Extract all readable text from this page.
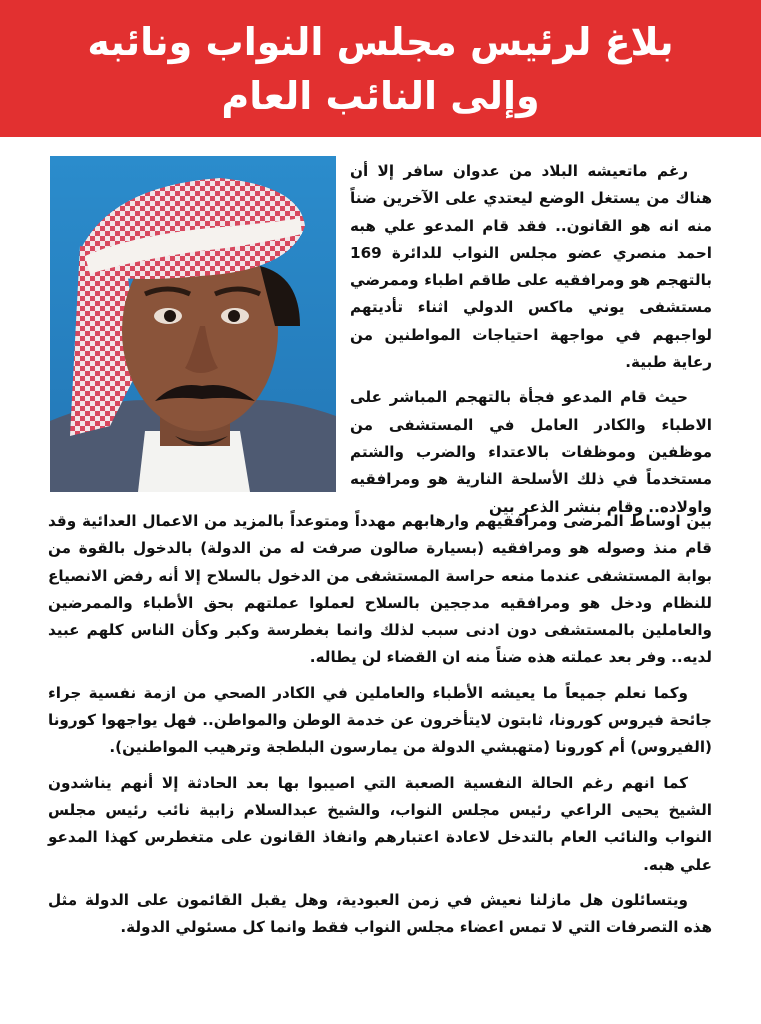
بلاغ لرئيس مجلس النواب ونائبه
وإلى النائب العام

رغم ماتعيشه البلاد من عدوان سافر إلا أن هناك من يستغل الوضع ليعتدي على الآخرين ضناً منه انه هو القانون.. فقد قام المدعو علي هبه احمد منصري عضو مجلس النواب للدائرة 169 بالتهجم هو ومرافقيه على طاقم اطباء وممرضي مستشفى يوني ماكس الدولي اثناء تأديتهم لواجبهم في مواجهة احتياجات المواطنين من رعاية طبية.

حيث قام المدعو فجأة بالتهجم المباشر على الاطباء والكادر العامل في المستشفى من موظفين وموظفات بالاعتداء والضرب والشتم مستخدماً في ذلك الأسلحة النارية هو ومرافقيه واولاده.. وقام بنشر الذعر بين

بين اوساط المرضى ومرافقيهم وارهابهم مهدداً ومتوعداً بالمزيد من الاعمال العدائية وقد قام منذ وصوله هو ومرافقيه (بسيارة صالون صرفت له من الدولة) بالدخول بالقوة من بوابة المستشفى عندما منعه حراسة المستشفى من الدخول بالسلاح إلا أنه رفض الانصياع للنظام ودخل هو ومرافقيه مدججين بالسلاح لعملوا عملتهم بحق الأطباء والممرضين والعاملين بالمستشفى دون ادنى سبب لذلك وانما بغطرسة وكبر وكأن الناس كلهم عبيد لديه.. وفر بعد عملته هذه ضناً منه ان القضاء لن يطاله.

وكما نعلم جميعاً ما يعيشه الأطباء والعاملين في الكادر الصحي من ازمة نفسية جراء جائحة فيروس كورونا، ثابتون لايتأخرون عن خدمة الوطن والمواطن.. فهل يواجهوا كورونا (الفيروس) أم كورونا (متهبشي الدولة من يمارسون البلطجة وترهيب المواطنين).

كما انهم رغم الحالة النفسية الصعبة التي اصيبوا بها بعد الحادثة إلا أنهم يناشدون الشيخ يحيى الراعي رئيس مجلس النواب، والشيخ عبدالسلام زابية نائب رئيس مجلس النواب والنائب العام بالتدخل لاعادة اعتبارهم وانفاذ القانون على متغطرس كهذا المدعو علي هبه.

ويتسائلون هل مازلنا نعيش في زمن العبودية، وهل يقبل القائمون على الدولة مثل هذه التصرفات التي لا تمس اعضاء مجلس النواب فقط وانما كل مسئولي الدولة.
